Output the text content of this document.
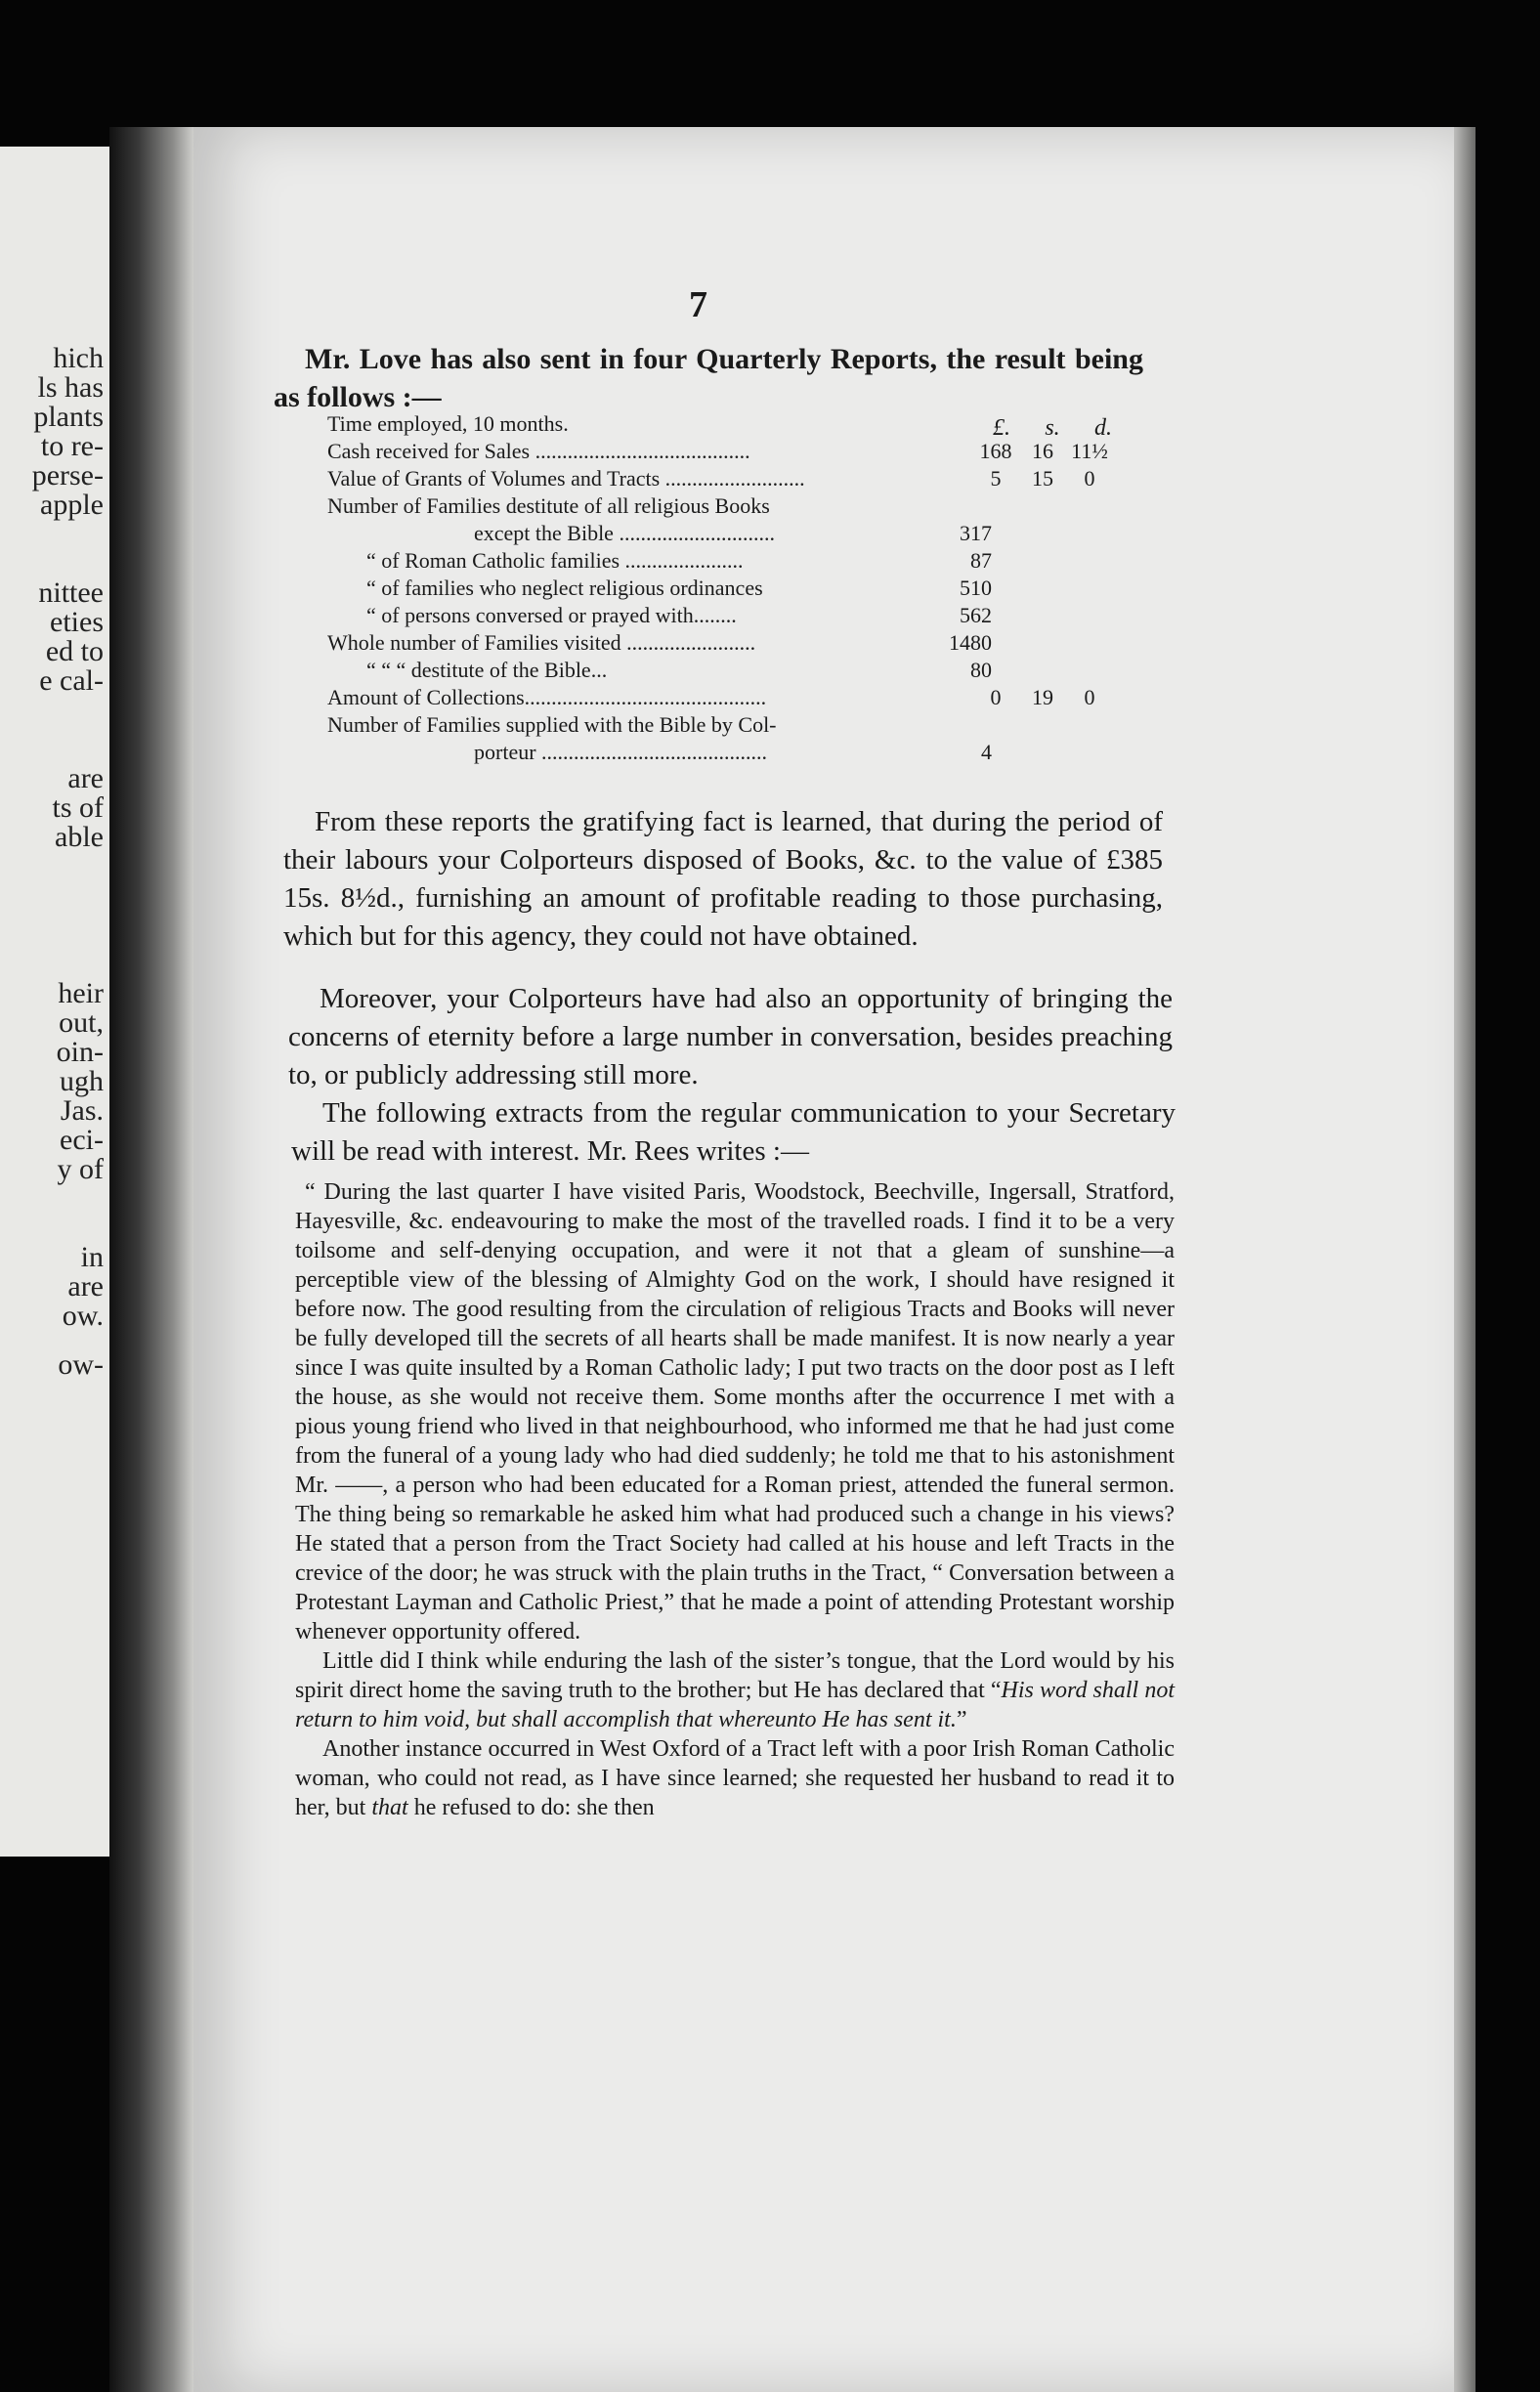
hich
ls has
plants
to re-
perse-
apple
nittee
eties
ed to
e cal-
are
ts of
able
heir
out,
oin-
ugh
Jas.
eci-
y of
in
are
ow.
ow-
7

Mr. Love has also sent in four Quarterly Reports, the result being as follows :—

£. s. d.
Time employed, 10 months.
Cash received for Sales ........................................	168 16 11½
Value of Grants of Volumes and Tracts ..........................	5 15 0
Number of Families destitute of all religious Books
except the Bible .............................	317
“ of Roman Catholic families ......................	87
“ of families who neglect religious ordinances	510
“ of persons conversed or prayed with........	562
Whole number of Families visited ........................	1480
“ “ “ destitute of the Bible...	80
Amount of Collections.............................................	0 19 0
Number of Families supplied with the Bible by Col-
porteur ..........................................	4

From these reports the gratifying fact is learned, that during the period of their labours your Colporteurs disposed of Books, &c. to the value of £385 15s. 8½d., furnishing an amount of profitable reading to those purchasing, which but for this agency, they could not have obtained.

Moreover, your Colporteurs have had also an opportunity of bringing the concerns of eternity before a large number in conversation, besides preaching to, or publicly addressing still more.

The following extracts from the regular communication to your Secretary will be read with interest. Mr. Rees writes :—

“ During the last quarter I have visited Paris, Woodstock, Beechville, Ingersall, Stratford, Hayesville, &c. endeavouring to make the most of the travelled roads. I find it to be a very toilsome and self-denying occupation, and were it not that a gleam of sunshine—a perceptible view of the blessing of Almighty God on the work, I should have resigned it before now. The good resulting from the circulation of religious Tracts and Books will never be fully developed till the secrets of all hearts shall be made manifest. It is now nearly a year since I was quite insulted by a Roman Catholic lady; I put two tracts on the door post as I left the house, as she would not receive them. Some months after the occurrence I met with a pious young friend who lived in that neighbourhood, who informed me that he had just come from the funeral of a young lady who had died suddenly; he told me that to his astonishment Mr. ——, a person who had been educated for a Roman priest, attended the funeral sermon. The thing being so remarkable he asked him what had produced such a change in his views? He stated that a person from the Tract Society had called at his house and left Tracts in the crevice of the door; he was struck with the plain truths in the Tract, “ Conversation between a Protestant Layman and Catholic Priest,” that he made a point of attending Protestant worship whenever opportunity offered.

Little did I think while enduring the lash of the sister’s tongue, that the Lord would by his spirit direct home the saving truth to the brother; but He has declared that “His word shall not return to him void, but shall accomplish that whereunto He has sent it.”

Another instance occurred in West Oxford of a Tract left with a poor Irish Roman Catholic woman, who could not read, as I have since learned; she requested her husband to read it to her, but that he refused to do: she then
